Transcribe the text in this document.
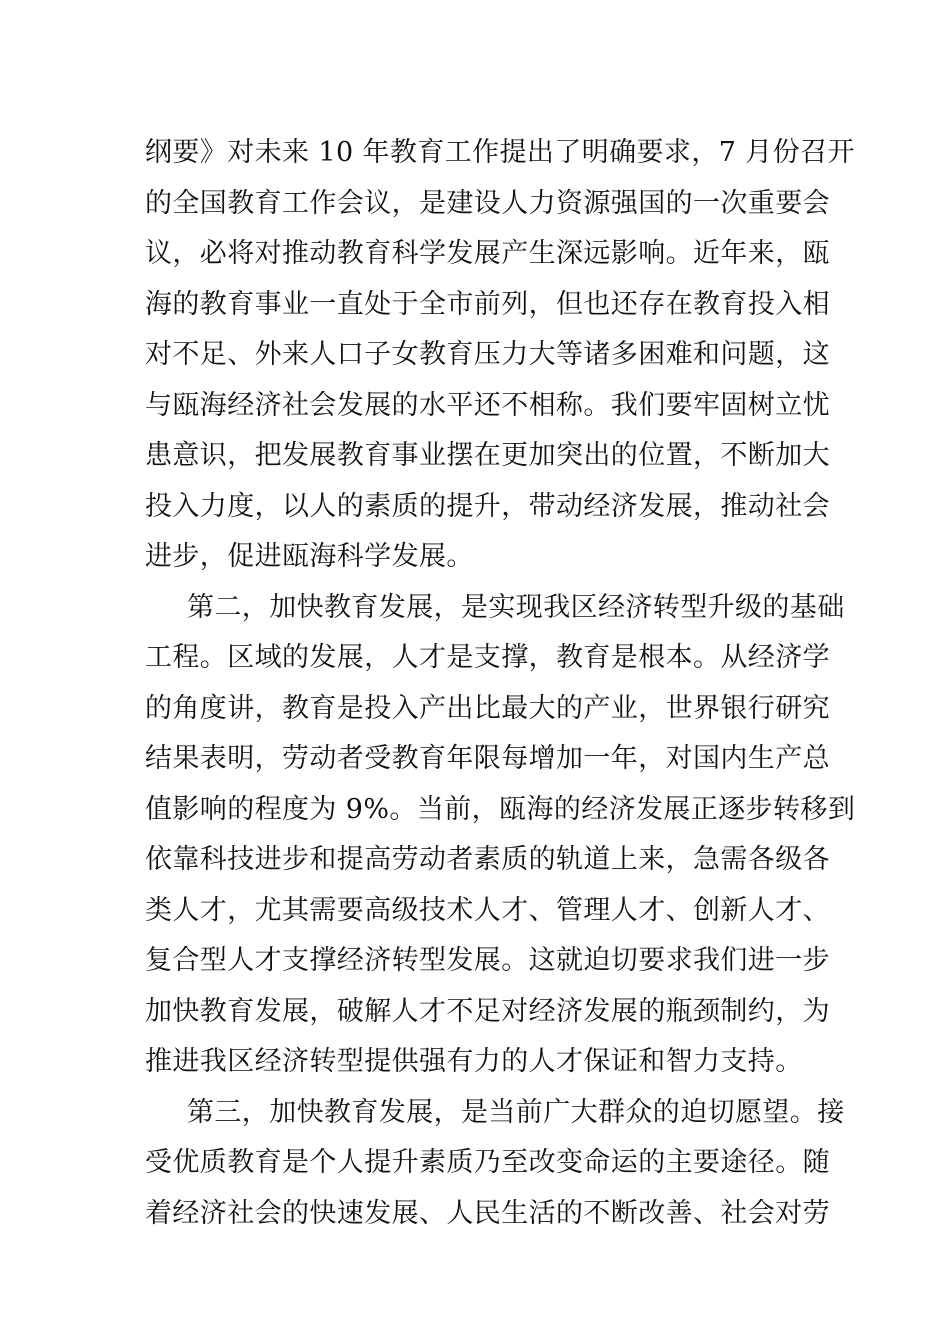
纲要》对未来 10 年教育工作提出了明确要求，7 月份召开
的全国教育工作会议，是建设人力资源强国的一次重要会
议，必将对推动教育科学发展产生深远影响。近年来，瓯
海的教育事业一直处于全市前列，但也还存在教育投入相
对不足、外来人口子女教育压力大等诸多困难和问题，这
与瓯海经济社会发展的水平还不相称。我们要牢固树立忧
患意识，把发展教育事业摆在更加突出的位置，不断加大
投入力度，以人的素质的提升，带动经济发展，推动社会
进步，促进瓯海科学发展。
第二，加快教育发展，是实现我区经济转型升级的基础
工程。区域的发展，人才是支撑，教育是根本。从经济学
的角度讲，教育是投入产出比最大的产业，世界银行研究
结果表明，劳动者受教育年限每增加一年，对国内生产总
值影响的程度为 9%。当前，瓯海的经济发展正逐步转移到
依靠科技进步和提高劳动者素质的轨道上来，急需各级各
类人才，尤其需要高级技术人才、管理人才、创新人才、
复合型人才支撑经济转型发展。这就迫切要求我们进一步
加快教育发展，破解人才不足对经济发展的瓶颈制约，为
推进我区经济转型提供强有力的人才保证和智力支持。
第三，加快教育发展，是当前广大群众的迫切愿望。接
受优质教育是个人提升素质乃至改变命运的主要途径。随
着经济社会的快速发展、人民生活的不断改善、社会对劳
